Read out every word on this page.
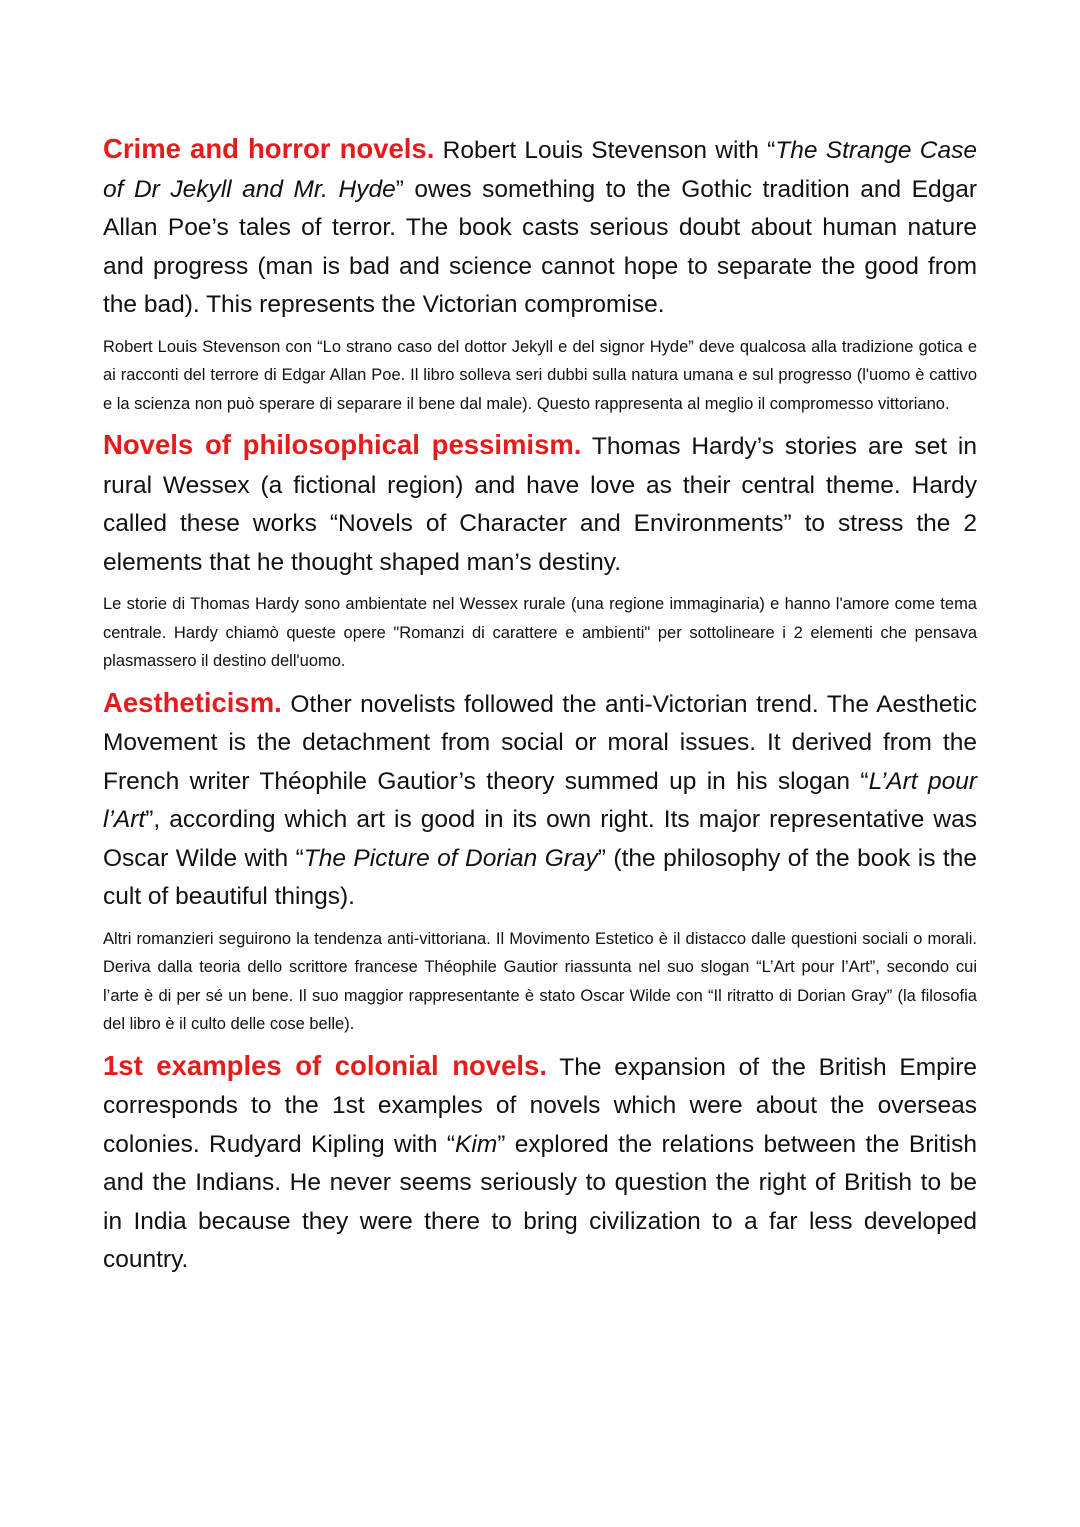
Crime and horror novels. Robert Louis Stevenson with “The Strange Case of Dr Jekyll and Mr. Hyde” owes something to the Gothic tradition and Edgar Allan Poe’s tales of terror. The book casts serious doubt about human nature and progress (man is bad and science cannot hope to separate the good from the bad). This represents the Victorian compromise.

Robert Louis Stevenson con “Lo strano caso del dottor Jekyll e del signor Hyde” deve qualcosa alla tradizione gotica e ai racconti del terrore di Edgar Allan Poe. Il libro solleva seri dubbi sulla natura umana e sul progresso (l'uomo è cattivo e la scienza non può sperare di separare il bene dal male). Questo rappresenta al meglio il compromesso vittoriano.

Novels of philosophical pessimism. Thomas Hardy’s stories are set in rural Wessex (a fictional region) and have love as their central theme. Hardy called these works “Novels of Character and Environments” to stress the 2 elements that he thought shaped man’s destiny.

Le storie di Thomas Hardy sono ambientate nel Wessex rurale (una regione immaginaria) e hanno l'amore come tema centrale. Hardy chiamò queste opere "Romanzi di carattere e ambienti" per sottolineare i 2 elementi che pensava plasmassero il destino dell'uomo.

Aestheticism. Other novelists followed the anti-Victorian trend. The Aesthetic Movement is the detachment from social or moral issues. It derived from the French writer Théophile Gautior’s theory summed up in his slogan “L’Art pour l’Art”, according which art is good in its own right. Its major representative was Oscar Wilde with “The Picture of Dorian Gray” (the philosophy of the book is the cult of beautiful things).

Altri romanzieri seguirono la tendenza anti-vittoriana. Il Movimento Estetico è il distacco dalle questioni sociali o morali. Deriva dalla teoria dello scrittore francese Théophile Gautior riassunta nel suo slogan “L’Art pour l’Art”, secondo cui l’arte è di per sé un bene. Il suo maggior rappresentante è stato Oscar Wilde con “Il ritratto di Dorian Gray” (la filosofia del libro è il culto delle cose belle).

1st examples of colonial novels. The expansion of the British Empire corresponds to the 1st examples of novels which were about the overseas colonies. Rudyard Kipling with “Kim” explored the relations between the British and the Indians. He never seems seriously to question the right of British to be in India because they were there to bring civilization to a far less developed country.
